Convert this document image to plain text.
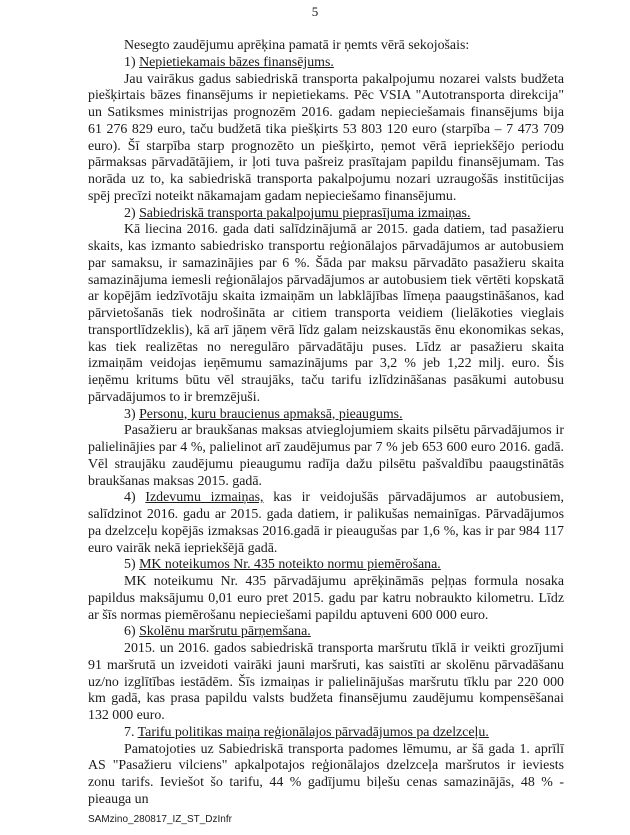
5

Nesegto zaudējumu aprēķina pamatā ir ņemts vērā sekojošais:

1) Nepietiekamais bāzes finansējums.

Jau vairākus gadus sabiedriskā transporta pakalpojumu nozarei valsts budžeta piešķirtais bāzes finansējums ir nepietiekams. Pēc VSIA "Autotransporta direkcija" un Satiksmes ministrijas prognozēm 2016. gadam nepieciešamais finansējums bija 61 276 829 euro, taču budžetā tika piešķirts 53 803 120 euro (starpība – 7 473 709 euro). Šī starpība starp prognozēto un piešķirto, ņemot vērā iepriekšējo periodu pārmaksas pārvadātājiem, ir ļoti tuva pašreiz prasītajam papildu finansējumam. Tas norāda uz to, ka sabiedriskā transporta pakalpojumu nozari uzraugošās institūcijas spēj precīzi noteikt nākamajam gadam nepieciešamo finansējumu.

2) Sabiedriskā transporta pakalpojumu pieprasījuma izmaiņas.

Kā liecina 2016. gada dati salīdzinājumā ar 2015. gada datiem, tad pasažieru skaits, kas izmanto sabiedrisko transportu reģionālajos pārvadājumos ar autobusiem par samaksu, ir samazinājies par 6 %. Šāda par maksu pārvadāto pasažieru skaita samazinājuma iemesli reģionālajos pārvadājumos ar autobusiem tiek vērtēti kopskatā ar kopējām iedzīvotāju skaita izmaiņām un labklājības līmeņa paaugstināšanos, kad pārvietošanās tiek nodrošināta ar citiem transporta veidiem (lielākoties vieglais transportlīdzeklis), kā arī jāņem vērā līdz galam neizskaustās ēnu ekonomikas sekas, kas tiek realizētas no neregulāro pārvadātāju puses. Līdz ar pasažieru skaita izmaiņām veidojas ieņēmumu samazinājums par 3,2 % jeb 1,22 milj. euro. Šis ieņēmu kritums būtu vēl straujāks, taču tarifu izlīdzināšanas pasākumi autobusu pārvadājumos to ir bremzējuši.

3) Personu, kuru braucienus apmaksā, pieaugums.

Pasažieru ar braukšanas maksas atvieglojumiem skaits pilsētu pārvadājumos ir palielinājies par 4 %, palielinot arī zaudējumus par 7 % jeb 653 600 euro 2016. gadā. Vēl straujāku zaudējumu pieaugumu radīja dažu pilsētu pašvaldību paaugstinātās braukšanas maksas 2015. gadā.

4) Izdevumu izmaiņas, kas ir veidojušās pārvadājumos ar autobusiem, salīdzinot 2016. gadu ar 2015. gada datiem, ir palikušas nemainīgas. Pārvadājumos pa dzelzceļu kopējās izmaksas 2016.gadā ir pieaugušas par 1,6 %, kas ir par 984 117 euro vairāk nekā iepriekšējā gadā.

5) MK noteikumos Nr. 435 noteikto normu piemērošana.

MK noteikumu Nr. 435 pārvadājumu aprēķināmās peļņas formula nosaka papildus maksājumu 0,01 euro pret 2015. gadu par katru nobraukto kilometru. Līdz ar šīs normas piemērošanu nepieciešami papildu aptuveni 600 000 euro.

6) Skolēnu maršrutu pārņemšana.

2015. un 2016. gados sabiedriskā transporta maršrutu tīklā ir veikti grozījumi 91 maršrutā un izveidoti vairāki jauni maršruti, kas saistīti ar skolēnu pārvadāšanu uz/no izglītības iestādēm. Šīs izmaiņas ir palielinājušas maršrutu tīklu par 220 000 km gadā, kas prasa papildu valsts budžeta finansējumu zaudējumu kompensēšanai 132 000 euro.

7. Tarifu politikas maiņa reģionālajos pārvadājumos pa dzelzceļu.

Pamatojoties uz Sabiedriskā transporta padomes lēmumu, ar šā gada 1. aprīlī AS "Pasažieru vilciens" apkalpotajos reģionālajos dzelzceļa maršrutos ir ieviests zonu tarifs. Ieviešot šo tarifu, 44 % gadījumu biļešu cenas samazinājās, 48 % - pieauga un

SAMzino_280817_IZ_ST_DzInfr
